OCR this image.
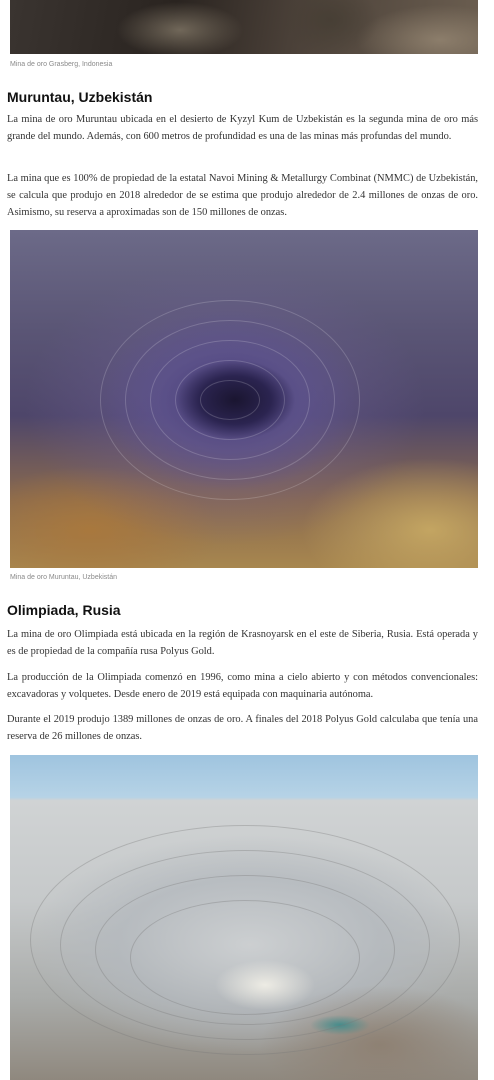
Mina de oro Grasberg, Indonesia
Muruntau, Uzbekistán

La mina de oro Muruntau ubicada en el desierto de Kyzyl Kum de Uzbekistán es la segunda mina de oro más grande del mundo. Además, con 600 metros de profundidad es una de las minas más profundas del mundo.

La mina que es 100% de propiedad de la estatal Navoi Mining & Metallurgy Combinat (NMMC) de Uzbekistán, se calcula que produjo en 2018 alrededor de se estima que produjo alrededor de 2.4 millones de onzas de oro. Asimismo, su reserva a aproximadas son de 150 millones de onzas.

Mina de oro Muruntau, Uzbekistán
Olimpiada, Rusia

La mina de oro Olimpiada está ubicada en la región de Krasnoyarsk en el este de Siberia, Rusia. Está operada y es de propiedad de la compañía rusa Polyus Gold.

La producción de la Olimpiada comenzó en 1996, como mina a cielo abierto y con métodos convencionales: excavadoras y volquetes. Desde enero de 2019 está equipada con maquinaria autónoma.

Durante el 2019 produjo 1389 millones de onzas de oro. A finales del 2018 Polyus Gold calculaba que tenía una reserva de 26 millones de onzas.
